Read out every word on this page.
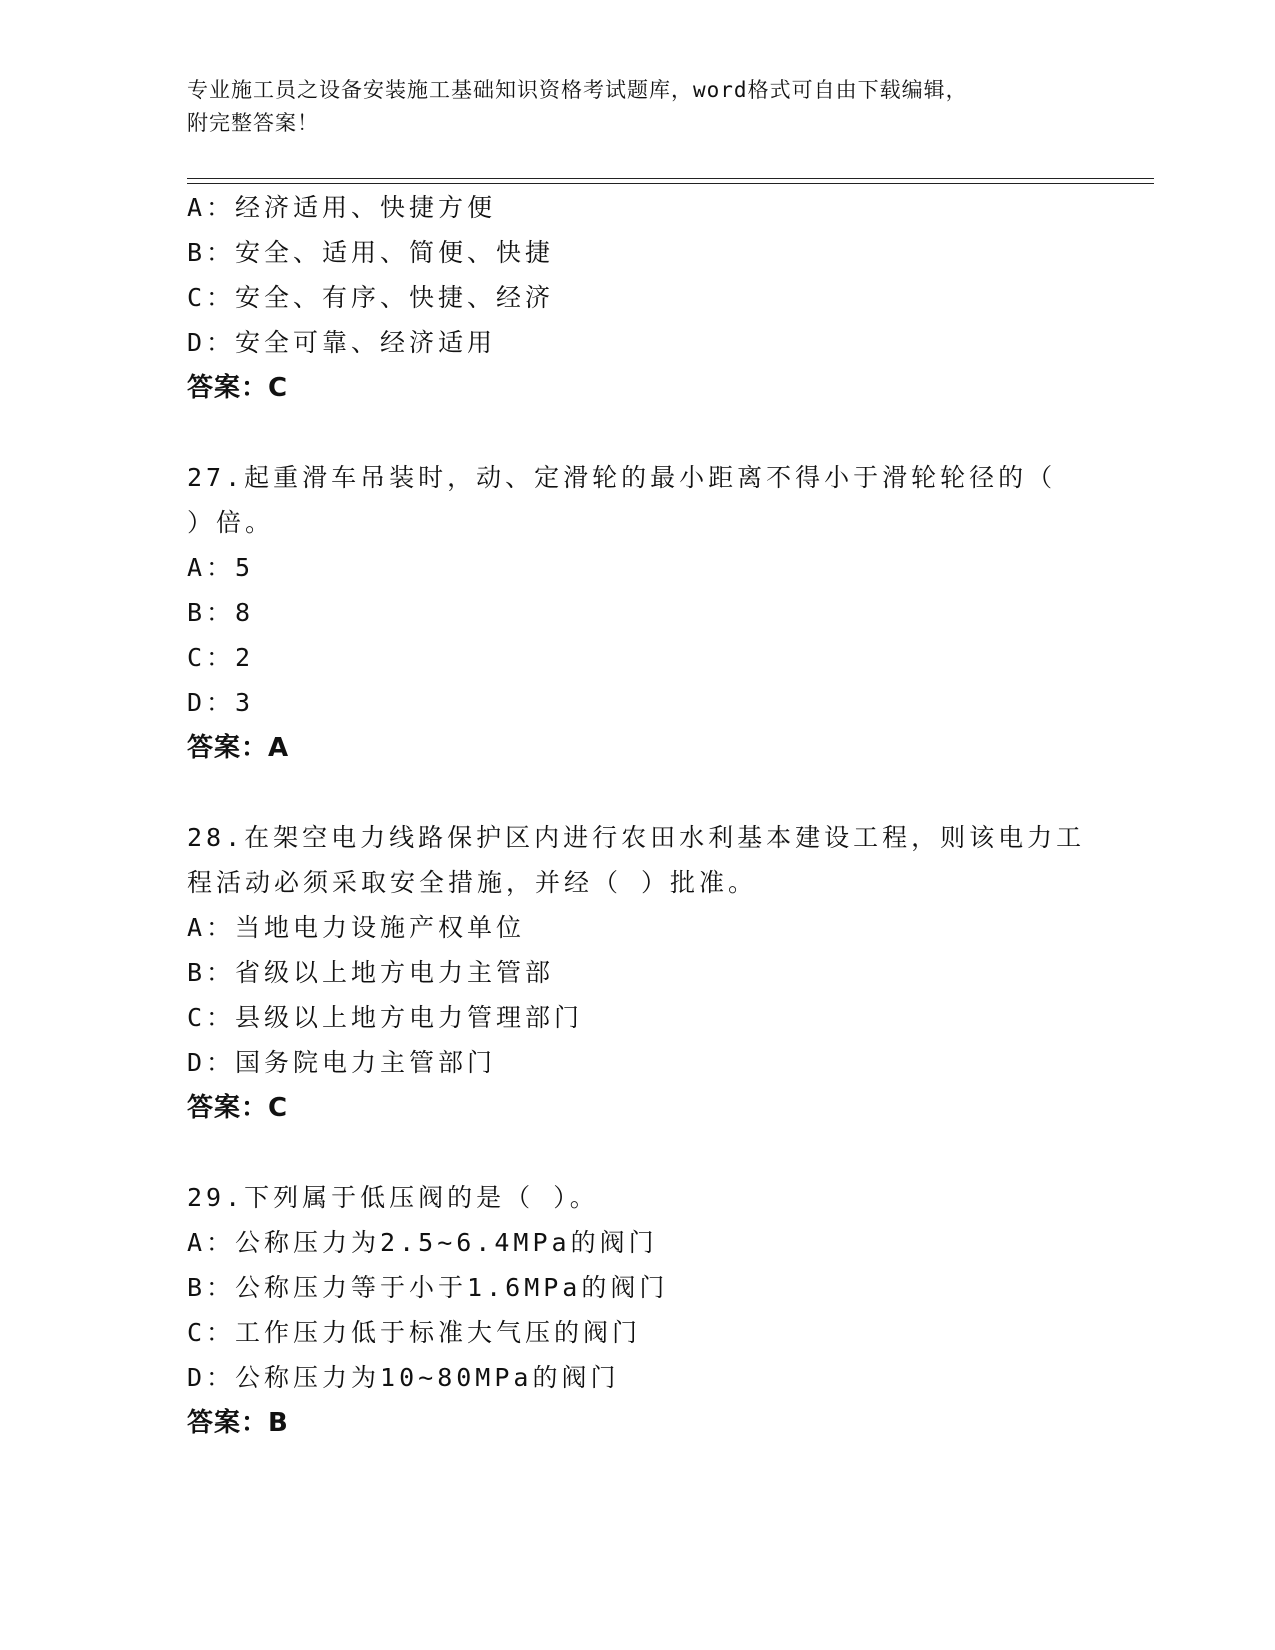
专业施工员之设备安装施工基础知识资格考试题库，word格式可自由下载编辑，
附完整答案！
A：经济适用、快捷方便
B：安全、适用、简便、快捷
C：安全、有序、快捷、经济
D：安全可靠、经济适用
答案：C
27.起重滑车吊装时，动、定滑轮的最小距离不得小于滑轮轮径的（
）倍。
A：5
B：8
C：2
D：3
答案：A
28.在架空电力线路保护区内进行农田水利基本建设工程，则该电力工
程活动必须采取安全措施，并经（ ）批准。
A：当地电力设施产权单位
B：省级以上地方电力主管部
C：县级以上地方电力管理部门
D：国务院电力主管部门
答案：C
29.下列属于低压阀的是（ ）。
A：公称压力为2.5~6.4MPa的阀门
B：公称压力等于小于1.6MPa的阀门
C：工作压力低于标准大气压的阀门
D：公称压力为10~80MPa的阀门
答案：B
